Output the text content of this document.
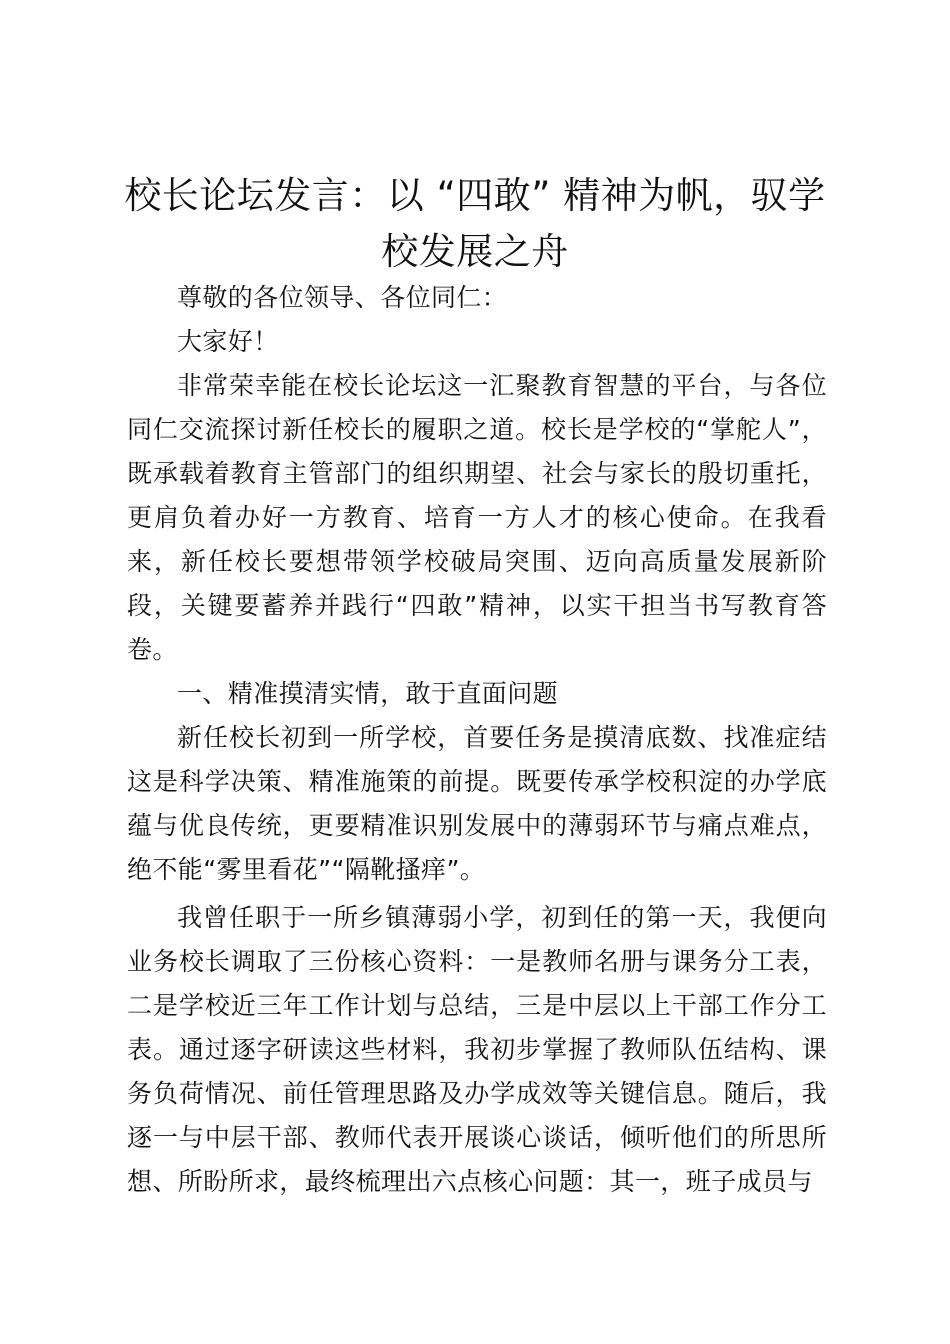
校长论坛发言：以 “四敢” 精神为帆，驭学校发展之舟

尊敬的各位领导、各位同仁：

大家好！

非常荣幸能在校长论坛这一汇聚教育智慧的平台，与各位同仁交流探讨新任校长的履职之道。校长是学校的“掌舵人”，既承载着教育主管部门的组织期望、社会与家长的殷切重托，更肩负着办好一方教育、培育一方人才的核心使命。在我看来，新任校长要想带领学校破局突围、迈向高质量发展新阶段，关键要蓄养并践行“四敢”精神，以实干担当书写教育答卷。

一、精准摸清实情，敢于直面问题

新任校长初到一所学校，首要任务是摸清底数、找准症结这是科学决策、精准施策的前提。既要传承学校积淀的办学底蕴与优良传统，更要精准识别发展中的薄弱环节与痛点难点，绝不能“雾里看花”“隔靴搔痒”。

我曾任职于一所乡镇薄弱小学，初到任的第一天，我便向业务校长调取了三份核心资料：一是教师名册与课务分工表，二是学校近三年工作计划与总结，三是中层以上干部工作分工表。通过逐字研读这些材料，我初步掌握了教师队伍结构、课务负荷情况、前任管理思路及办学成效等关键信息。随后，我逐一与中层干部、教师代表开展谈心谈话，倾听他们的所思所想、所盼所求，最终梳理出六点核心问题：其一，班子成员与
